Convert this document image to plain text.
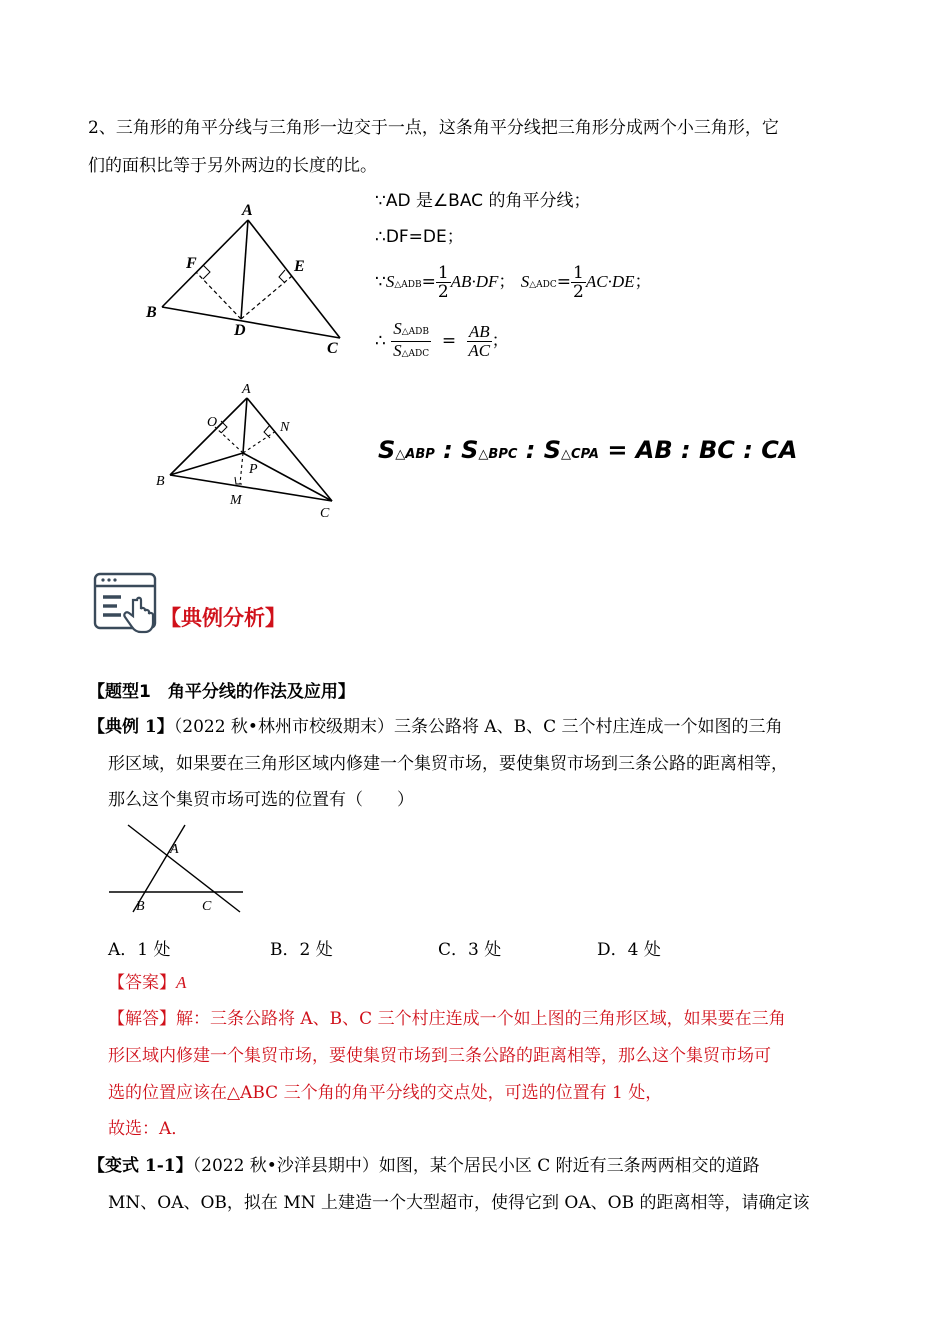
2、三角形的角平分线与三角形一边交于一点，这条角平分线把三角形分成两个小三角形，它
们的面积比等于另外两边的长度的比。
A
B
C
D
E
F
∵AD 是∠BAC 的角平分线；
∴DF=DE；
∵S△ADB= $\frac{1}{2} AB\cdot DF$； S△ADC= $\frac{1}{2} AC\cdot DE$；
∴ $\frac{\text{S△ADB}}{\text{S△ADC}} = \frac{AB}{AC}$ ；
A
B
C
M
N
O
P
S△ABP : S△BPC : S△CPA = AB : BC : CA
【典例分析】
【题型1　角平分线的作法及应用】
【典例 1】（2022 秋•林州市校级期末）三条公路将 A、B、C 三个村庄连成一个如图的三角
形区域，如果要在三角形区域内修建一个集贸市场，要使集贸市场到三条公路的距离相等，
那么这个集贸市场可选的位置有（　　）
A
B	C
A．1 处	B．2 处	C．3 处	D．4 处
【答案】A
【解答】解：三条公路将 A、B、C 三个村庄连成一个如上图的三角形区域，如果要在三角
形区域内修建一个集贸市场，要使集贸市场到三条公路的距离相等，那么这个集贸市场可
选的位置应该在△ABC 三个角的角平分线的交点处，可选的位置有 1 处，
故选：A．
【变式 1-1】（2022 秋•沙洋县期中）如图，某个居民小区 C 附近有三条两两相交的道路
MN、OA、OB，拟在 MN 上建造一个大型超市，使得它到 OA、OB 的距离相等，请确定该
